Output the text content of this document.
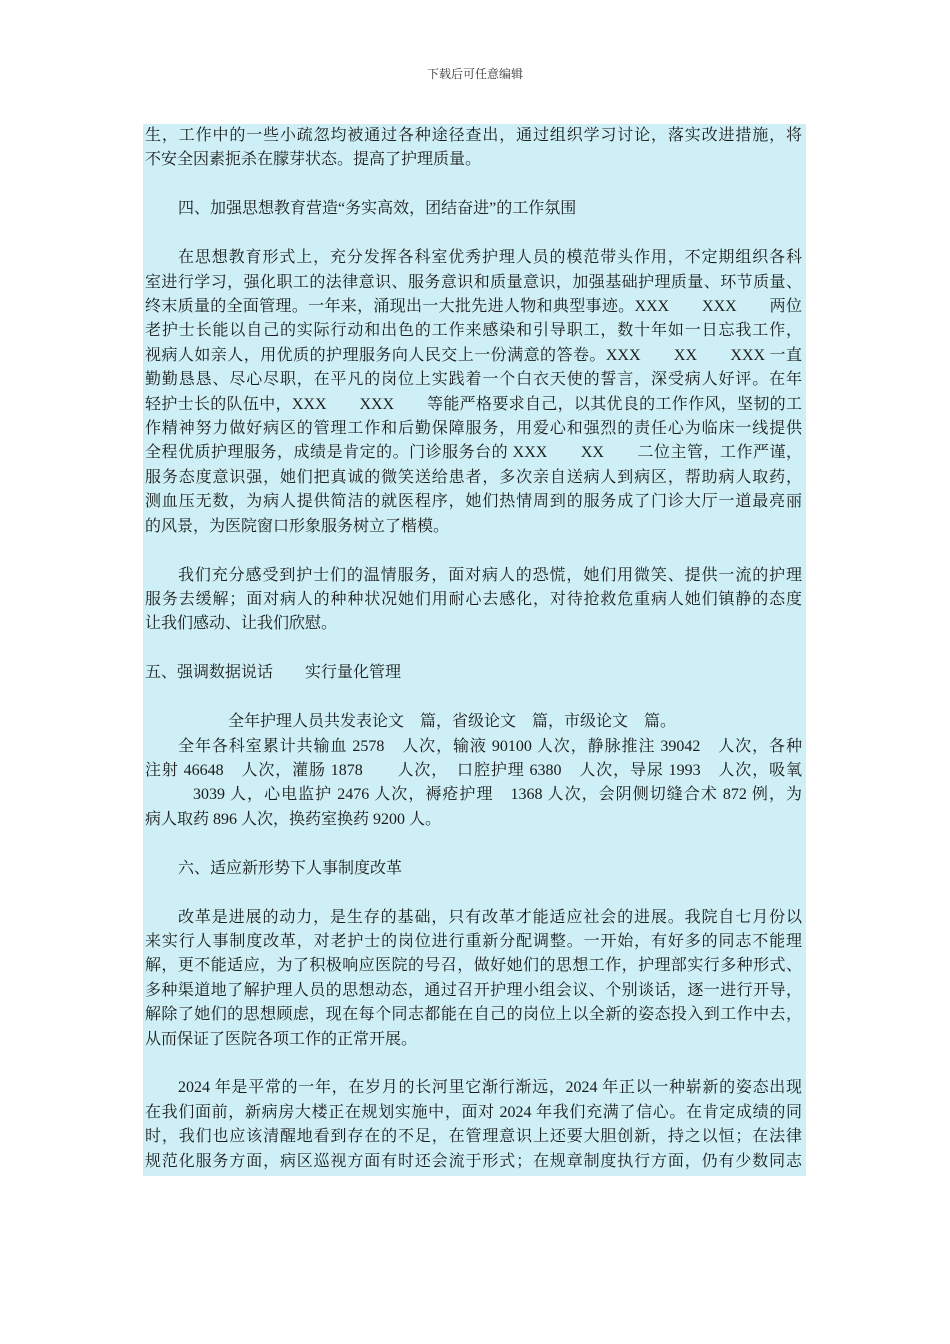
下载后可任意编辑
生，工作中的一些小疏忽均被通过各种途径查出，通过组织学习讨论，落实改进措施，将
不安全因素扼杀在朦芽状态。提高了护理质量。
四、加强思想教育营造“务实高效，团结奋进”的工作氛围
在思想教育形式上，充分发挥各科室优秀护理人员的模范带头作用，不定期组织各科
室进行学习，强化职工的法律意识、服务意识和质量意识，加强基础护理质量、环节质量、
终末质量的全面管理。一年来，涌现出一大批先进人物和典型事迹。XXX　　XXX　　两位
老护士长能以自己的实际行动和出色的工作来感染和引导职工，数十年如一日忘我工作，
视病人如亲人，用优质的护理服务向人民交上一份满意的答卷。XXX　　XX　　XXX 一直
勤勤恳恳、尽心尽职，在平凡的岗位上实践着一个白衣天使的誓言，深受病人好评。在年
轻护士长的队伍中，XXX　　XXX　　等能严格要求自己，以其优良的工作作风，坚韧的工
作精神努力做好病区的管理工作和后勤保障服务，用爱心和强烈的责任心为临床一线提供
全程优质护理服务，成绩是肯定的。门诊服务台的 XXX　　XX　　二位主管，工作严谨，
服务态度意识强，她们把真诚的微笑送给患者，多次亲自送病人到病区，帮助病人取药，
测血压无数，为病人提供简洁的就医程序，她们热情周到的服务成了门诊大厅一道最亮丽
的风景，为医院窗口形象服务树立了楷模。
我们充分感受到护士们的温情服务，面对病人的恐慌，她们用微笑、提供一流的护理
服务去缓解；面对病人的种种状况她们用耐心去感化，对待抢救危重病人她们镇静的态度
让我们感动、让我们欣慰。
五、强调数据说话　　实行量化管理
全年护理人员共发表论文　篇，省级论文　篇，市级论文　篇。
全年各科室累计共输血 2578　人次，输液 90100 人次，静脉推注 39042　人次，各种
注射 46648　人次，灌肠 1878　　人次，　口腔护理 6380　人次，导尿 1993　人次，吸氧
3039 人，心电监护 2476 人次，褥疮护理　1368 人次，会阴侧切缝合术 872 例，为
病人取药 896 人次，换药室换药 9200 人。
六、适应新形势下人事制度改革
改革是进展的动力，是生存的基础，只有改革才能适应社会的进展。我院自七月份以
来实行人事制度改革，对老护士的岗位进行重新分配调整。一开始，有好多的同志不能理
解，更不能适应，为了积极响应医院的号召，做好她们的思想工作，护理部实行多种形式、
多种渠道地了解护理人员的思想动态，通过召开护理小组会议、个别谈话，逐一进行开导，
解除了她们的思想顾虑，现在每个同志都能在自己的岗位上以全新的姿态投入到工作中去，
从而保证了医院各项工作的正常开展。
2024 年是平常的一年，在岁月的长河里它渐行渐远，2024 年正以一种崭新的姿态出现
在我们面前，新病房大楼正在规划实施中，面对 2024 年我们充满了信心。在肯定成绩的同
时，我们也应该清醒地看到存在的不足，在管理意识上还要大胆创新，持之以恒；在法律
规范化服务方面，病区巡视方面有时还会流于形式；在规章制度执行方面，仍有少数同志
